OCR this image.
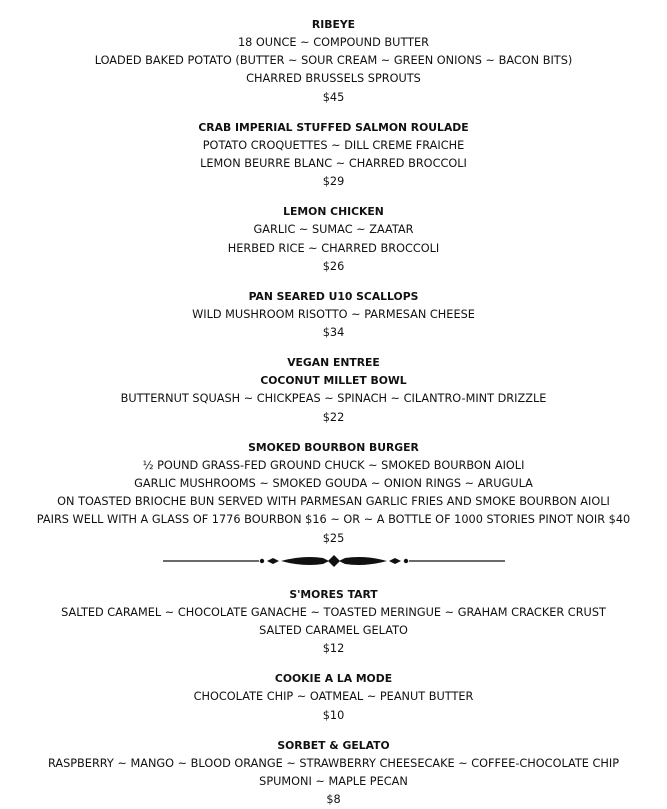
RIBEYE
18 OUNCE ~ COMPOUND BUTTER
LOADED BAKED POTATO (BUTTER ~ SOUR CREAM ~ GREEN ONIONS ~ BACON BITS)
CHARRED BRUSSELS SPROUTS
$45
CRAB IMPERIAL STUFFED SALMON ROULADE
POTATO CROQUETTES ~ DILL CREME FRAICHE
LEMON BEURRE BLANC ~ CHARRED BROCCOLI
$29
LEMON CHICKEN
GARLIC ~ SUMAC ~ ZAATAR
HERBED RICE ~ CHARRED BROCCOLI
$26
PAN SEARED U10 SCALLOPS
WILD MUSHROOM RISOTTO ~ PARMESAN CHEESE
$34
VEGAN ENTREE
COCONUT MILLET BOWL
BUTTERNUT SQUASH ~ CHICKPEAS ~ SPINACH ~ CILANTRO-MINT DRIZZLE
$22
SMOKED BOURBON BURGER
½ POUND GRASS-FED GROUND CHUCK ~ SMOKED BOURBON AIOLI
GARLIC MUSHROOMS ~ SMOKED GOUDA ~ ONION RINGS ~ ARUGULA
ON TOASTED BRIOCHE BUN SERVED WITH PARMESAN GARLIC FRIES AND SMOKE BOURBON AIOLI
PAIRS WELL WITH A GLASS OF 1776 BOURBON $16 ~ OR ~ A BOTTLE OF 1000 STORIES PINOT NOIR $40
$25
S'MORES TART
SALTED CARAMEL ~ CHOCOLATE GANACHE ~ TOASTED MERINGUE ~ GRAHAM CRACKER CRUST
SALTED CARAMEL GELATO
$12
COOKIE A LA MODE
CHOCOLATE CHIP ~ OATMEAL ~ PEANUT BUTTER
$10
SORBET & GELATO
RASPBERRY ~ MANGO ~ BLOOD ORANGE ~ STRAWBERRY CHEESECAKE ~ COFFEE-CHOCOLATE CHIP
SPUMONI ~ MAPLE PECAN
$8
